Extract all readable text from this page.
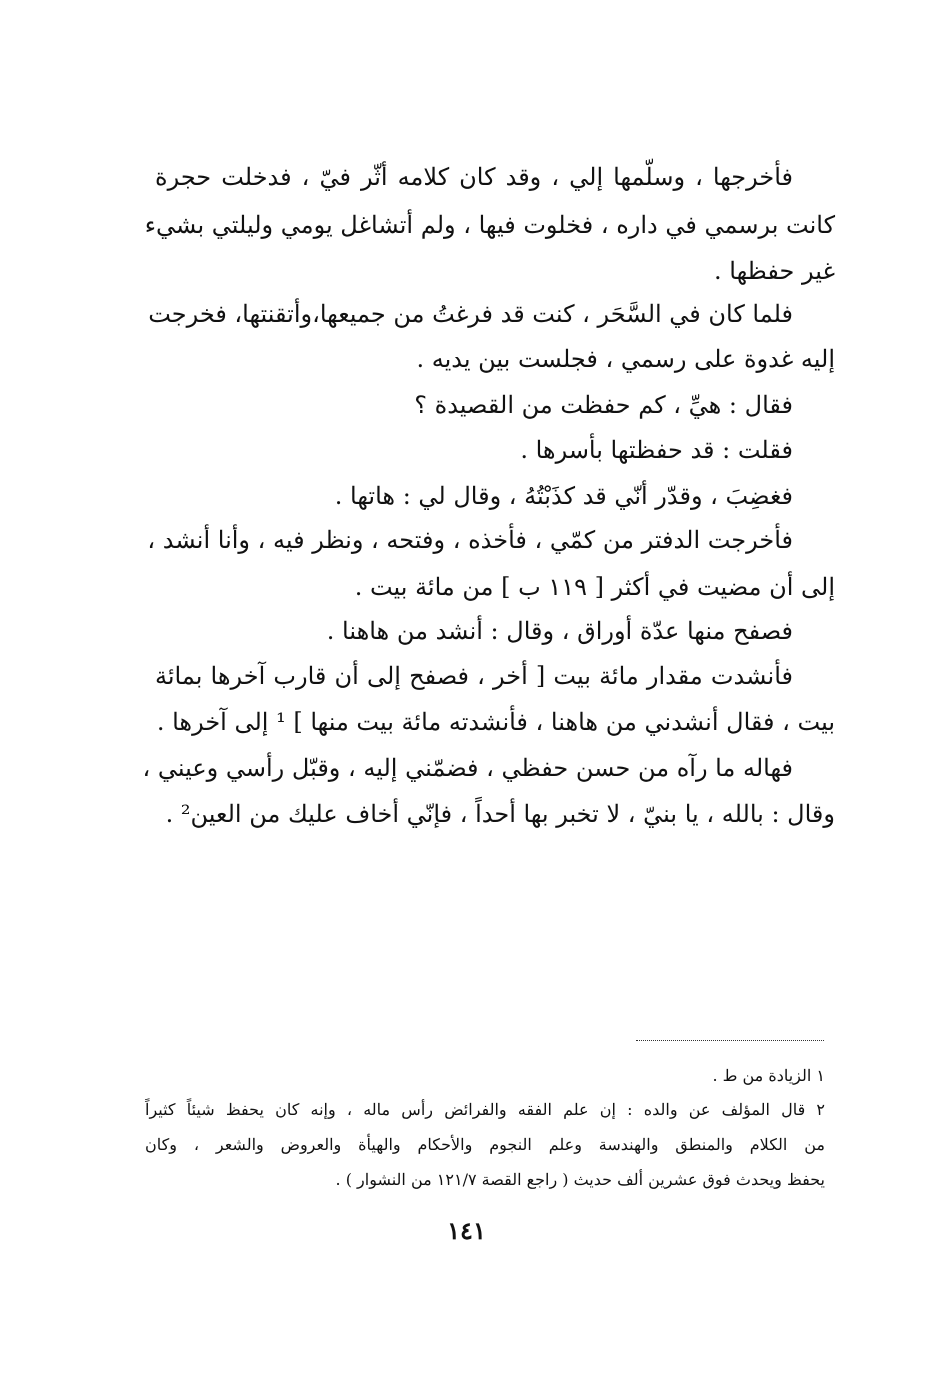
فأخرجها ، وسلّمها إلي ، وقد كان كلامه أثّر فيّ ، فدخلت حجرة
كانت برسمي في داره ، فخلوت فيها ، ولم أتشاغل يومي وليلتي بشيء
غير حفظها .
فلما كان في السَّحَر ، كنت قد فرغتُ من جميعها،وأتقنتها، فخرجت
إليه غدوة على رسمي ، فجلست بين يديه .
فقال : هيِّ ، كم حفظت من القصيدة ؟
فقلت : قد حفظتها بأسرها .
فغضِبَ ، وقدّر أنّي قد كذَبْتُهُ ، وقال لي : هاتها .
فأخرجت الدفتر من كمّي ، فأخذه ، وفتحه ، ونظر فيه ، وأنا أنشد ،
إلى أن مضيت في أكثر [ ١١٩ ب ] من مائة بيت .
فصفح منها عدّة أوراق ، وقال : أنشد من هاهنا .
فأنشدت مقدار مائة بيت [ أخر ، فصفح إلى أن قارب آخرها بمائة
بيت ، فقال أنشدني من هاهنا ، فأنشدته مائة بيت منها ] ¹ إلى آخرها .
فهاله ما رآه من حسن حفظي ، فضمّني إليه ، وقبّل رأسي وعيني ،
وقال : بالله ، يا بنيّ ، لا تخبر بها أحداً ، فإنّي أخاف عليك من العين² .
١ الزيادة من ط .
٢ قال المؤلف عن والده : إن علم الفقه والفرائض رأس ماله ، وإنه كان يحفظ شيئاً كثيراً
من الكلام والمنطق والهندسة وعلم النجوم والأحكام والهيأة والعروض والشعر ، وكان
يحفظ ويحدث فوق عشرين ألف حديث ( راجع القصة ١٢١/٧ من النشوار ) .
١٤١
